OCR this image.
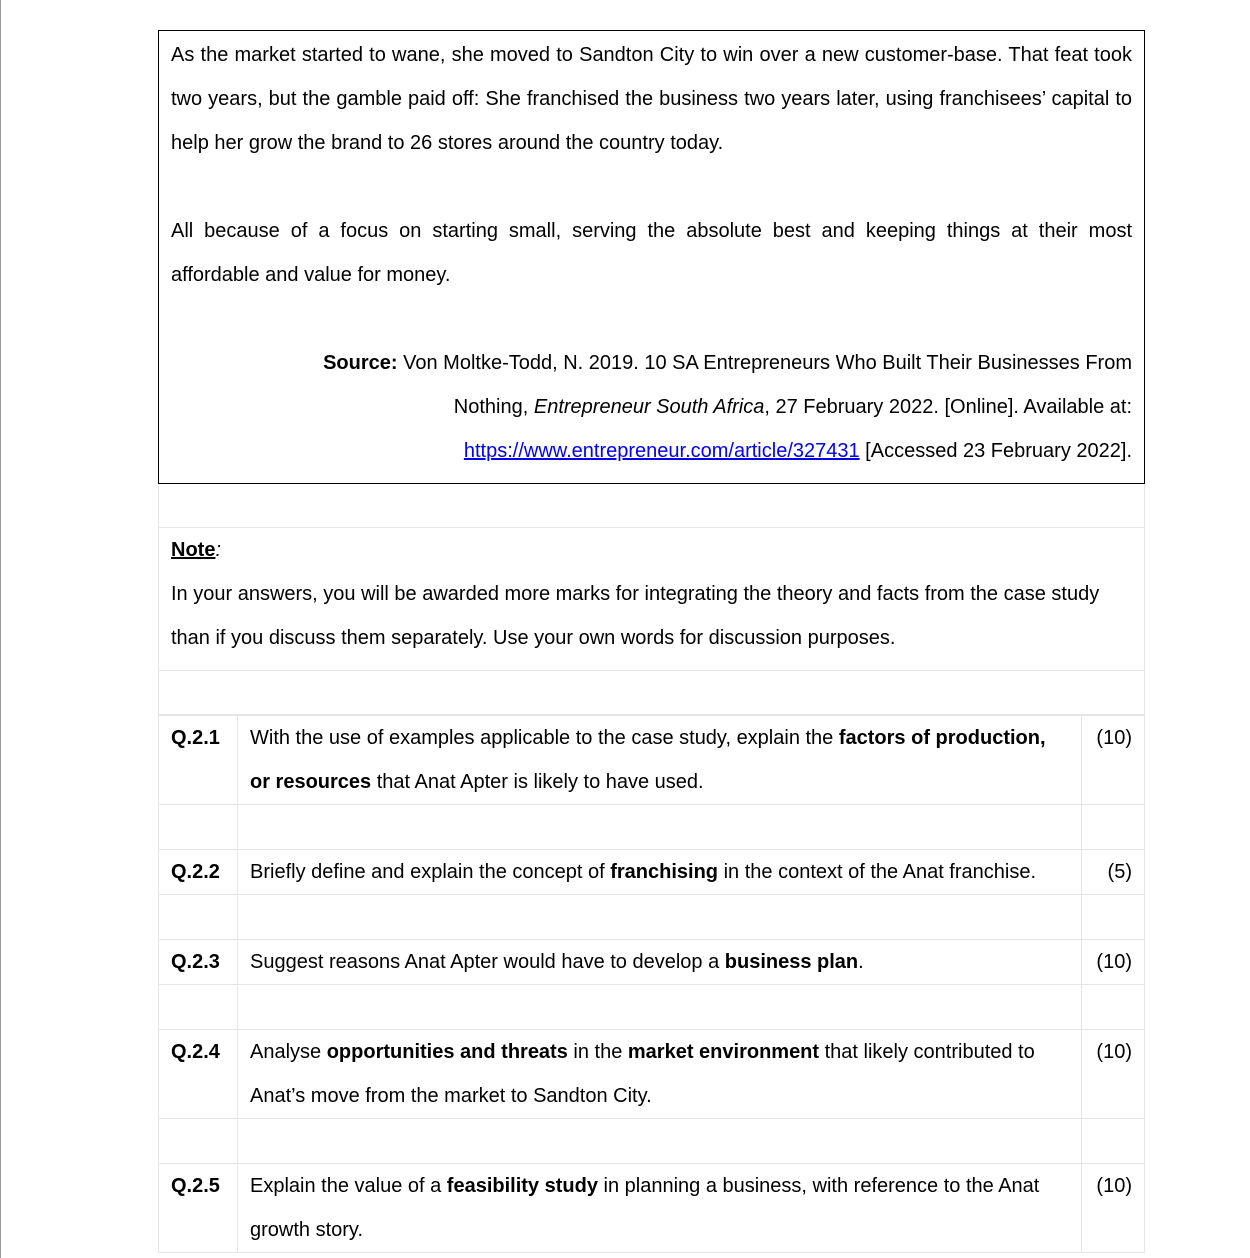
As the market started to wane, she moved to Sandton City to win over a new customer-base. That feat took two years, but the gamble paid off: She franchised the business two years later, using franchisees’ capital to help her grow the brand to 26 stores around the country today.

All because of a focus on starting small, serving the absolute best and keeping things at their most affordable and value for money.

Source: Von Moltke-Todd, N. 2019. 10 SA Entrepreneurs Who Built Their Businesses From

Nothing, Entrepreneur South Africa, 27 February 2022. [Online]. Available at:

https://www.entrepreneur.com/article/327431 [Accessed 23 February 2022].

Note:

In your answers, you will be awarded more marks for integrating the theory and facts from the case study than if you discuss them separately. Use your own words for discussion purposes.

Q.2.1	With the use of examples applicable to the case study, explain the factors of production, or resources that Anat Apter is likely to have used.	(10)

Q.2.2	Briefly define and explain the concept of franchising in the context of the Anat franchise.	(5)

Q.2.3	Suggest reasons Anat Apter would have to develop a business plan.	(10)

Q.2.4	Analyse opportunities and threats in the market environment that likely contributed to Anat’s move from the market to Sandton City.	(10)

Q.2.5	Explain the value of a feasibility study in planning a business, with reference to the Anat growth story.	(10)
